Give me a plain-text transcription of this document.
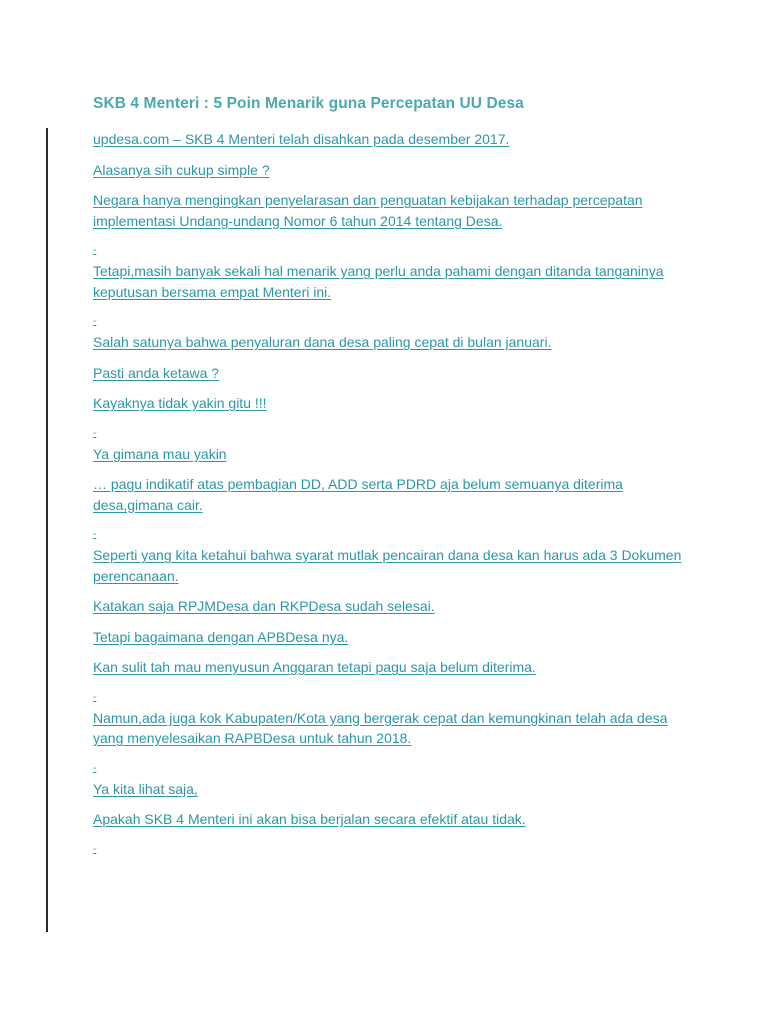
SKB 4 Menteri : 5 Poin Menarik guna Percepatan UU Desa

updesa.com – SKB 4 Menteri telah disahkan pada desember 2017.

Alasanya sih cukup simple ?

Negara hanya mengingkan penyelarasan dan penguatan kebijakan terhadap percepatan implementasi Undang-undang Nomor 6 tahun 2014 tentang Desa.

-

Tetapi,masih banyak sekali hal menarik yang perlu anda pahami dengan ditanda tanganinya keputusan bersama empat Menteri ini.

-

Salah satunya bahwa penyaluran dana desa paling cepat di bulan januari.

Pasti anda ketawa ?

Kayaknya tidak yakin gitu !!!

-

Ya gimana mau yakin

… pagu indikatif atas pembagian DD, ADD serta PDRD aja belum semuanya diterima desa,gimana cair.

-

Seperti yang kita ketahui bahwa syarat mutlak pencairan dana desa kan harus ada 3 Dokumen perencanaan.

Katakan saja RPJMDesa dan RKPDesa sudah selesai.

Tetapi bagaimana dengan APBDesa nya.

Kan sulit tah mau menyusun Anggaran tetapi pagu saja belum diterima.

-

Namun,ada juga kok Kabupaten/Kota yang bergerak cepat dan kemungkinan telah ada desa yang menyelesaikan RAPBDesa untuk tahun 2018.

-

Ya kita lihat saja,

Apakah SKB 4 Menteri ini akan bisa berjalan secara efektif atau tidak.

-
